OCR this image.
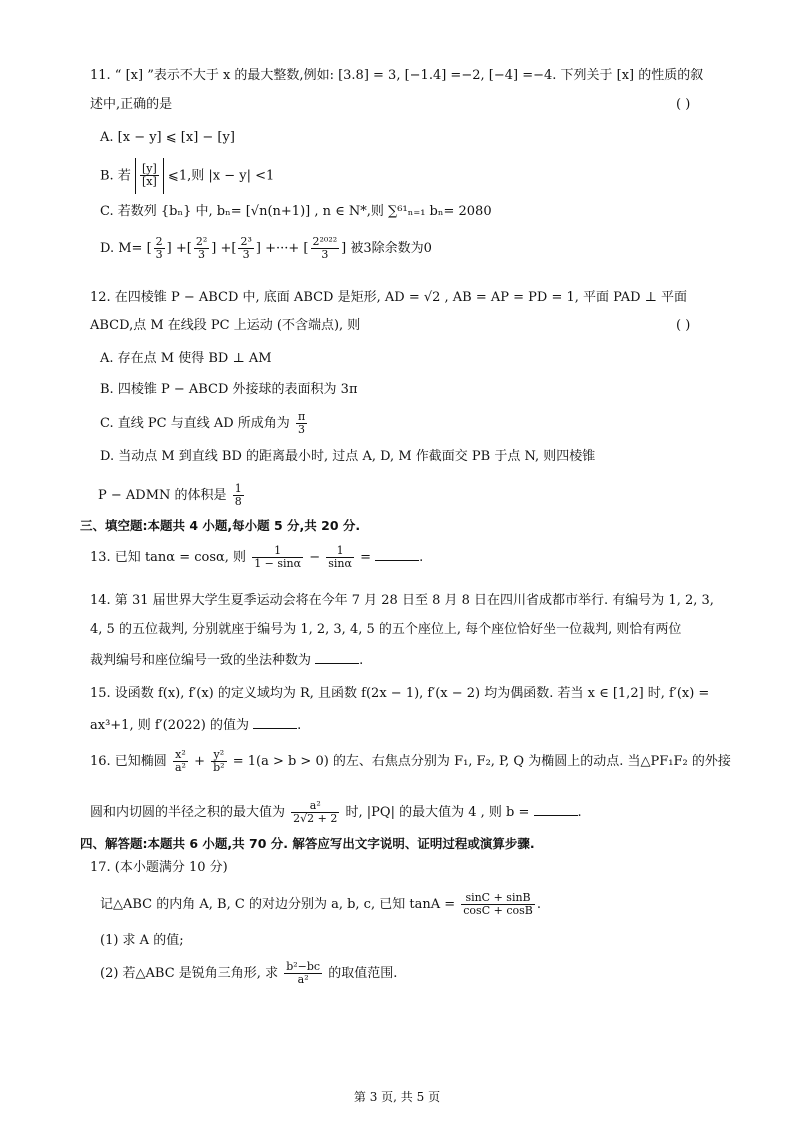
11. “ [x] ”表示不大于 x 的最大整数,例如: [3.8] = 3, [−1.4] =−2, [−4] =−4. 下列关于 [x] 的性质的叙
述中,正确的是	( )
A. [x − y] ⩽ [x] − [y]
B. 若 $\frac{[y]}{[x]}$ ⩽1,则 |x − y| <1
C. 若数列 {bₙ} 中, bₙ= [√n(n+1)] , n ∈ N*,则 ∑⁶¹ₙ₌₁ bₙ= 2080
D. M= [ $\frac{2}{3}$ ] +[ $\frac{\text{2²}}{3}$ ] +[ $\frac{\text{2³}}{3}$ ] +···+ [ $\frac{\text{2²⁰²²}}{3}$ ] 被3除余数为0
12. 在四棱锥 P − ABCD 中, 底面 ABCD 是矩形, AD = √2 , AB = AP = PD = 1, 平面 PAD ⊥ 平面
ABCD,点 M 在线段 PC 上运动 (不含端点), 则	( )
A. 存在点 M 使得 BD ⊥ AM
B. 四棱锥 P − ABCD 外接球的表面积为 3π
C. 直线 PC 与直线 AD 所成角为 $\frac{\pi}{3}$
D. 当动点 M 到直线 BD 的距离最小时, 过点 A, D, M 作截面交 PB 于点 N, 则四棱锥
P − ADMN 的体积是 $\frac{1}{8}$
三、填空题:本题共 4 小题,每小题 5 分,共 20 分.
13. 已知 tanα = cosα, 则 $\frac{1}{1 - \sin\alpha} - \frac{1}{\sin\alpha}$ =	.
14. 第 31 届世界大学生夏季运动会将在今年 7 月 28 日至 8 月 8 日在四川省成都市举行. 有编号为 1, 2, 3,
4, 5 的五位裁判, 分别就座于编号为 1, 2, 3, 4, 5 的五个座位上, 每个座位恰好坐一位裁判, 则恰有两位
裁判编号和座位编号一致的坐法种数为	.
15. 设函数 f(x), f′(x) 的定义域均为 R, 且函数 f(2x − 1), f′(x − 2) 均为偶函数. 若当 x ∈ [1,2] 时, f′(x) =
ax³+1, 则 f′(2022) 的值为	.
16. 已知椭圆 $\frac{\text{x²}}{\text{a²}} + \frac{\text{y²}}{\text{b²}} = 1(a > b > 0)$ 的左、右焦点分别为 F₁, F₂, P, Q 为椭圆上的动点. 当△PF₁F₂ 的外接
圆和内切圆的半径之积的最大值为 $\frac{\text{a²}}{2√2 + 2}$ 时, |PQ| 的最大值为 4 , 则 b =	.
四、解答题:本题共 6 小题,共 70 分. 解答应写出文字说明、证明过程或演算步骤.
17. (本小题满分 10 分)
记△ABC 的内角 A, B, C 的对边分别为 a, b, c, 已知 $\tan A = \frac{\sin C + \sin B}{\cos C + \cos B}$ .
(1) 求 A 的值;
(2) 若△ABC 是锐角三角形, 求 $\frac{\text{b²−bc}}{\text{a²}}$ 的取值范围.
第 3 页, 共 5 页
